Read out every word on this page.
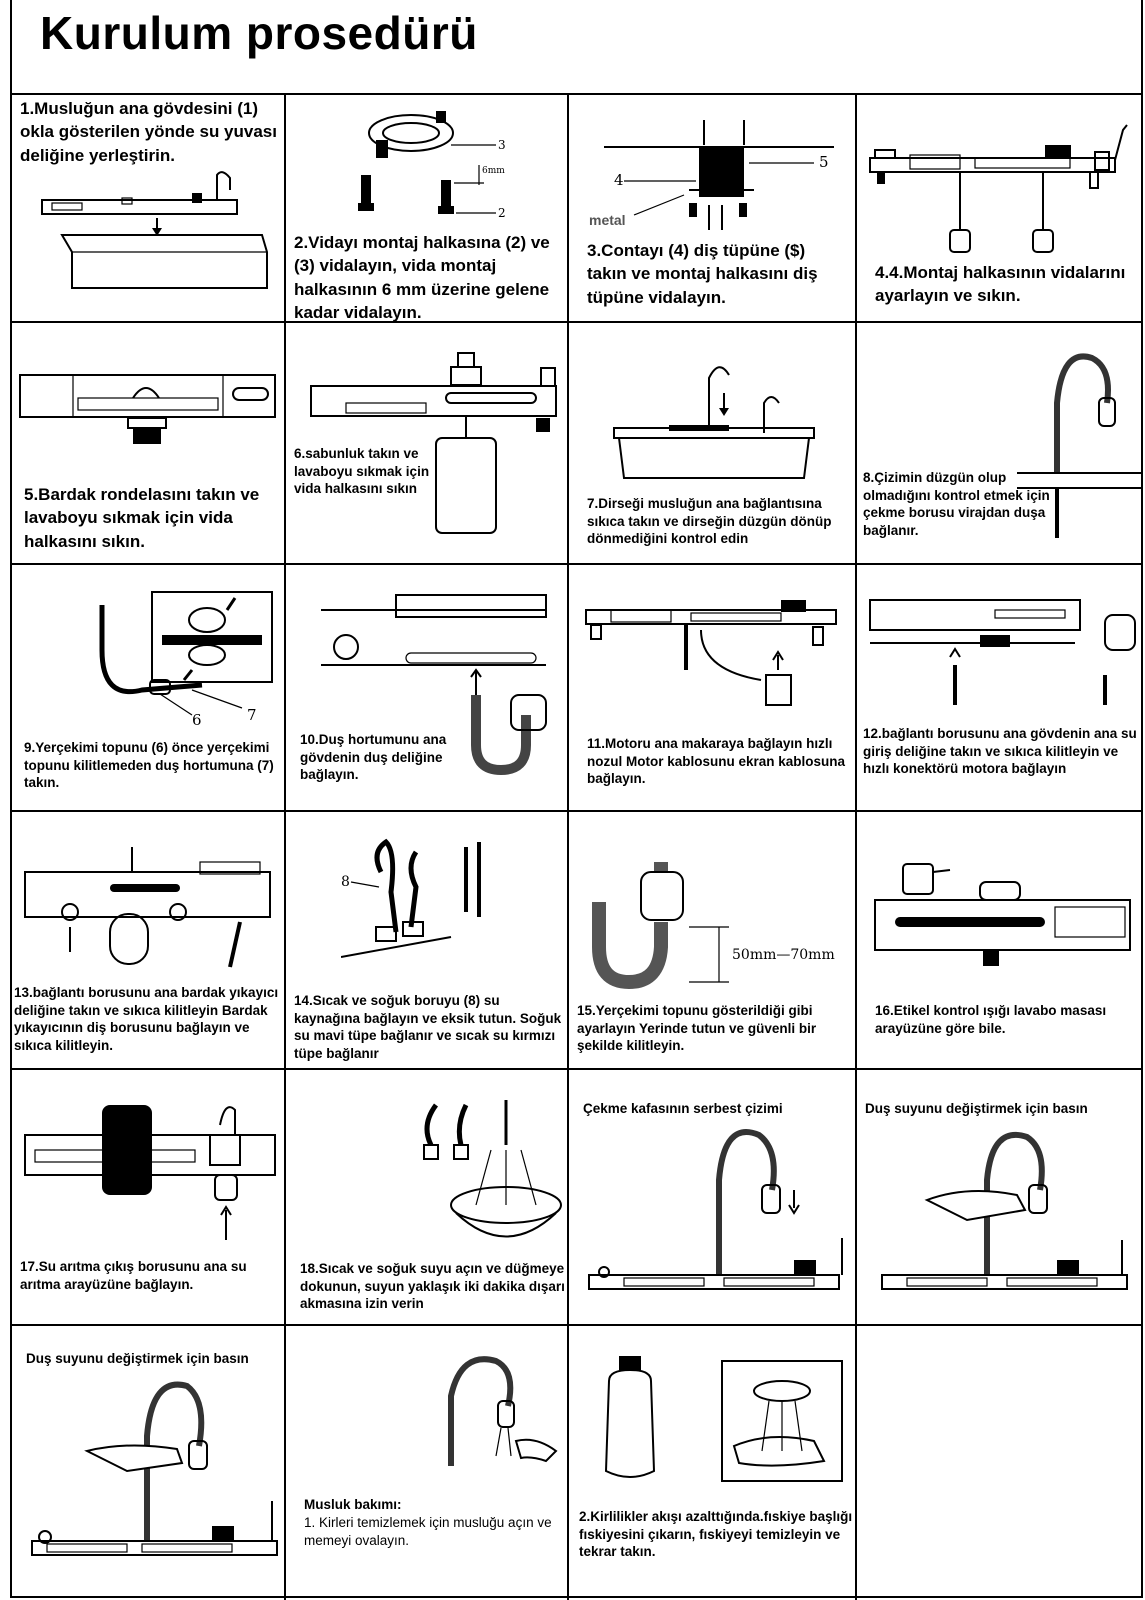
Kurulum prosedürü
1.Musluğun ana gövdesini (1) okla gösterilen yönde su yuvası deliğine yerleştirin.
3
6mm
2
2.Vidayı montaj halkasına (2) ve (3) vidalayın, vida montaj halkasının 6 mm üzerine gelene kadar vidalayın.
5
4
metal
3.Contayı (4) diş tüpüne ($) takın ve montaj halkasını diş tüpüne vidalayın.
4.4.Montaj halkasının vidalarını ayarlayın ve sıkın.
5.Bardak rondelasını takın ve lavaboyu sıkmak için vida halkasını sıkın.
6.sabunluk takın ve lavaboyu sıkmak için vida halkasını sıkın
7.Dirseği musluğun ana bağlantısına sıkıca takın ve dirseğin düzgün dönüp dönmediğini kontrol edin
8.Çizimin düzgün olup olmadığını kontrol etmek için çekme borusu virajdan duşa bağlanır.
6	7
9.Yerçekimi topunu (6) önce yerçekimi topunu kilitlemeden duş hortumuna (7) takın.
10.Duş hortumunu ana gövdenin duş deliğine bağlayın.
11.Motoru ana makaraya bağlayın hızlı nozul Motor kablosunu ekran kablosuna bağlayın.
12.bağlantı borusunu ana gövdenin ana su giriş deliğine takın ve sıkıca kilitleyin ve hızlı konektörü motora bağlayın
13.bağlantı borusunu ana bardak yıkayıcı deliğine takın ve sıkıca kilitleyin Bardak yıkayıcının diş borusunu bağlayın ve sıkıca kilitleyin.
8
14.Sıcak ve soğuk boruyu (8) su kaynağına bağlayın ve eksik tutun. Soğuk su mavi tüpe bağlanır ve sıcak su kırmızı tüpe bağlanır
50mm—70mm
15.Yerçekimi topunu gösterildiği gibi ayarlayın Yerinde tutun ve güvenli bir şekilde kilitleyin.
16.Etikel kontrol ışığı lavabo masası arayüzüne göre bile.
17.Su arıtma çıkış borusunu ana su arıtma arayüzüne bağlayın.
18.Sıcak ve soğuk suyu açın ve düğmeye dokunun, suyun yaklaşık iki dakika dışarı akmasına izin verin
Çekme kafasının serbest çizimi	Duş suyunu değiştirmek için basın
Duş suyunu değiştirmek için basın
Musluk bakımı:
1. Kirleri temizlemek için musluğu açın ve memeyi ovalayın.
2.Kirlilikler akışı azalttığında.fıskiye başlığı fıskiyesini çıkarın, fıskiyeyi temizleyin ve tekrar takın.
